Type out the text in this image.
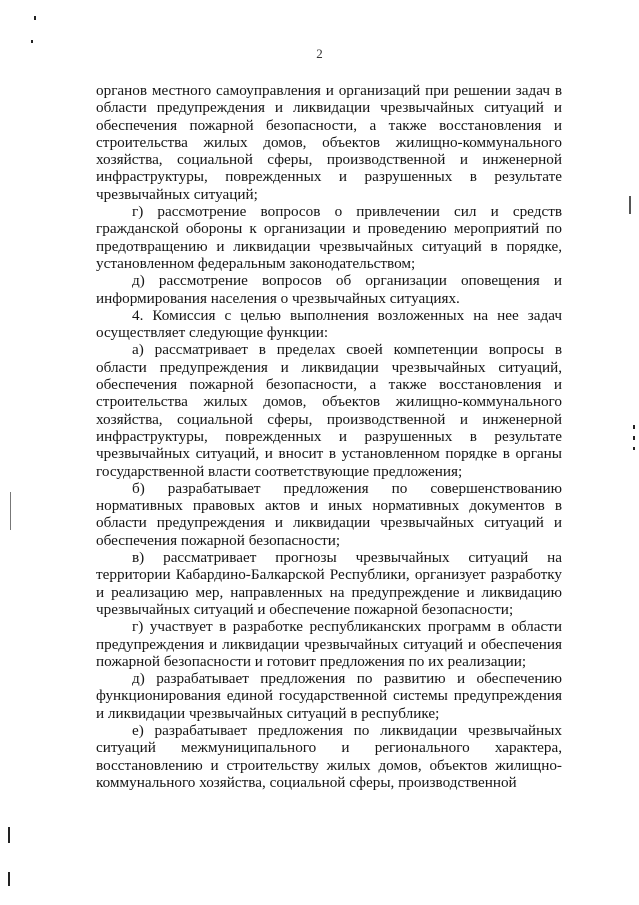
2

органов местного самоуправления и организаций при решении задач в области предупреждения и ликвидации чрезвычайных ситуаций и обеспечения пожарной безопасности, а также восстановления и строительства жилых домов, объектов жилищно-коммунального хозяйства, социальной сферы, производственной и инженерной инфраструктуры, поврежденных и разрушенных в результате чрезвычайных ситуаций;

г) рассмотрение вопросов о привлечении сил и средств гражданской обороны к организации и проведению мероприятий по предотвращению и ликвидации чрезвычайных ситуаций в порядке, установленном федеральным законодательством;

д) рассмотрение вопросов об организации оповещения и информирования населения о чрезвычайных ситуациях.

4. Комиссия с целью выполнения возложенных на нее задач осуществляет следующие функции:

а) рассматривает в пределах своей компетенции вопросы в области предупреждения и ликвидации чрезвычайных ситуаций, обеспечения пожарной безопасности, а также восстановления и строительства жилых домов, объектов жилищно-коммунального хозяйства, социальной сферы, производственной и инженерной инфраструктуры, поврежденных и разрушенных в результате чрезвычайных ситуаций, и вносит в установленном порядке в органы государственной власти соответствующие предложения;

б) разрабатывает предложения по совершенствованию нормативных правовых актов и иных нормативных документов в области предупреждения и ликвидации чрезвычайных ситуаций и обеспечения пожарной безопасности;

в) рассматривает прогнозы чрезвычайных ситуаций на территории Кабардино-Балкарской Республики, организует разработку и реализацию мер, направленных на предупреждение и ликвидацию чрезвычайных ситуаций и обеспечение пожарной безопасности;

г) участвует в разработке республиканских программ в области предупреждения и ликвидации чрезвычайных ситуаций и обеспечения пожарной безопасности и готовит предложения по их реализации;

д) разрабатывает предложения по развитию и обеспечению функционирования единой государственной системы предупреждения и ликвидации чрезвычайных ситуаций в республике;

е) разрабатывает предложения по ликвидации чрезвычайных ситуаций межмуниципального и регионального характера, восстановлению и строительству жилых домов, объектов жилищно-коммунального хозяйства, социальной сферы, производственной
